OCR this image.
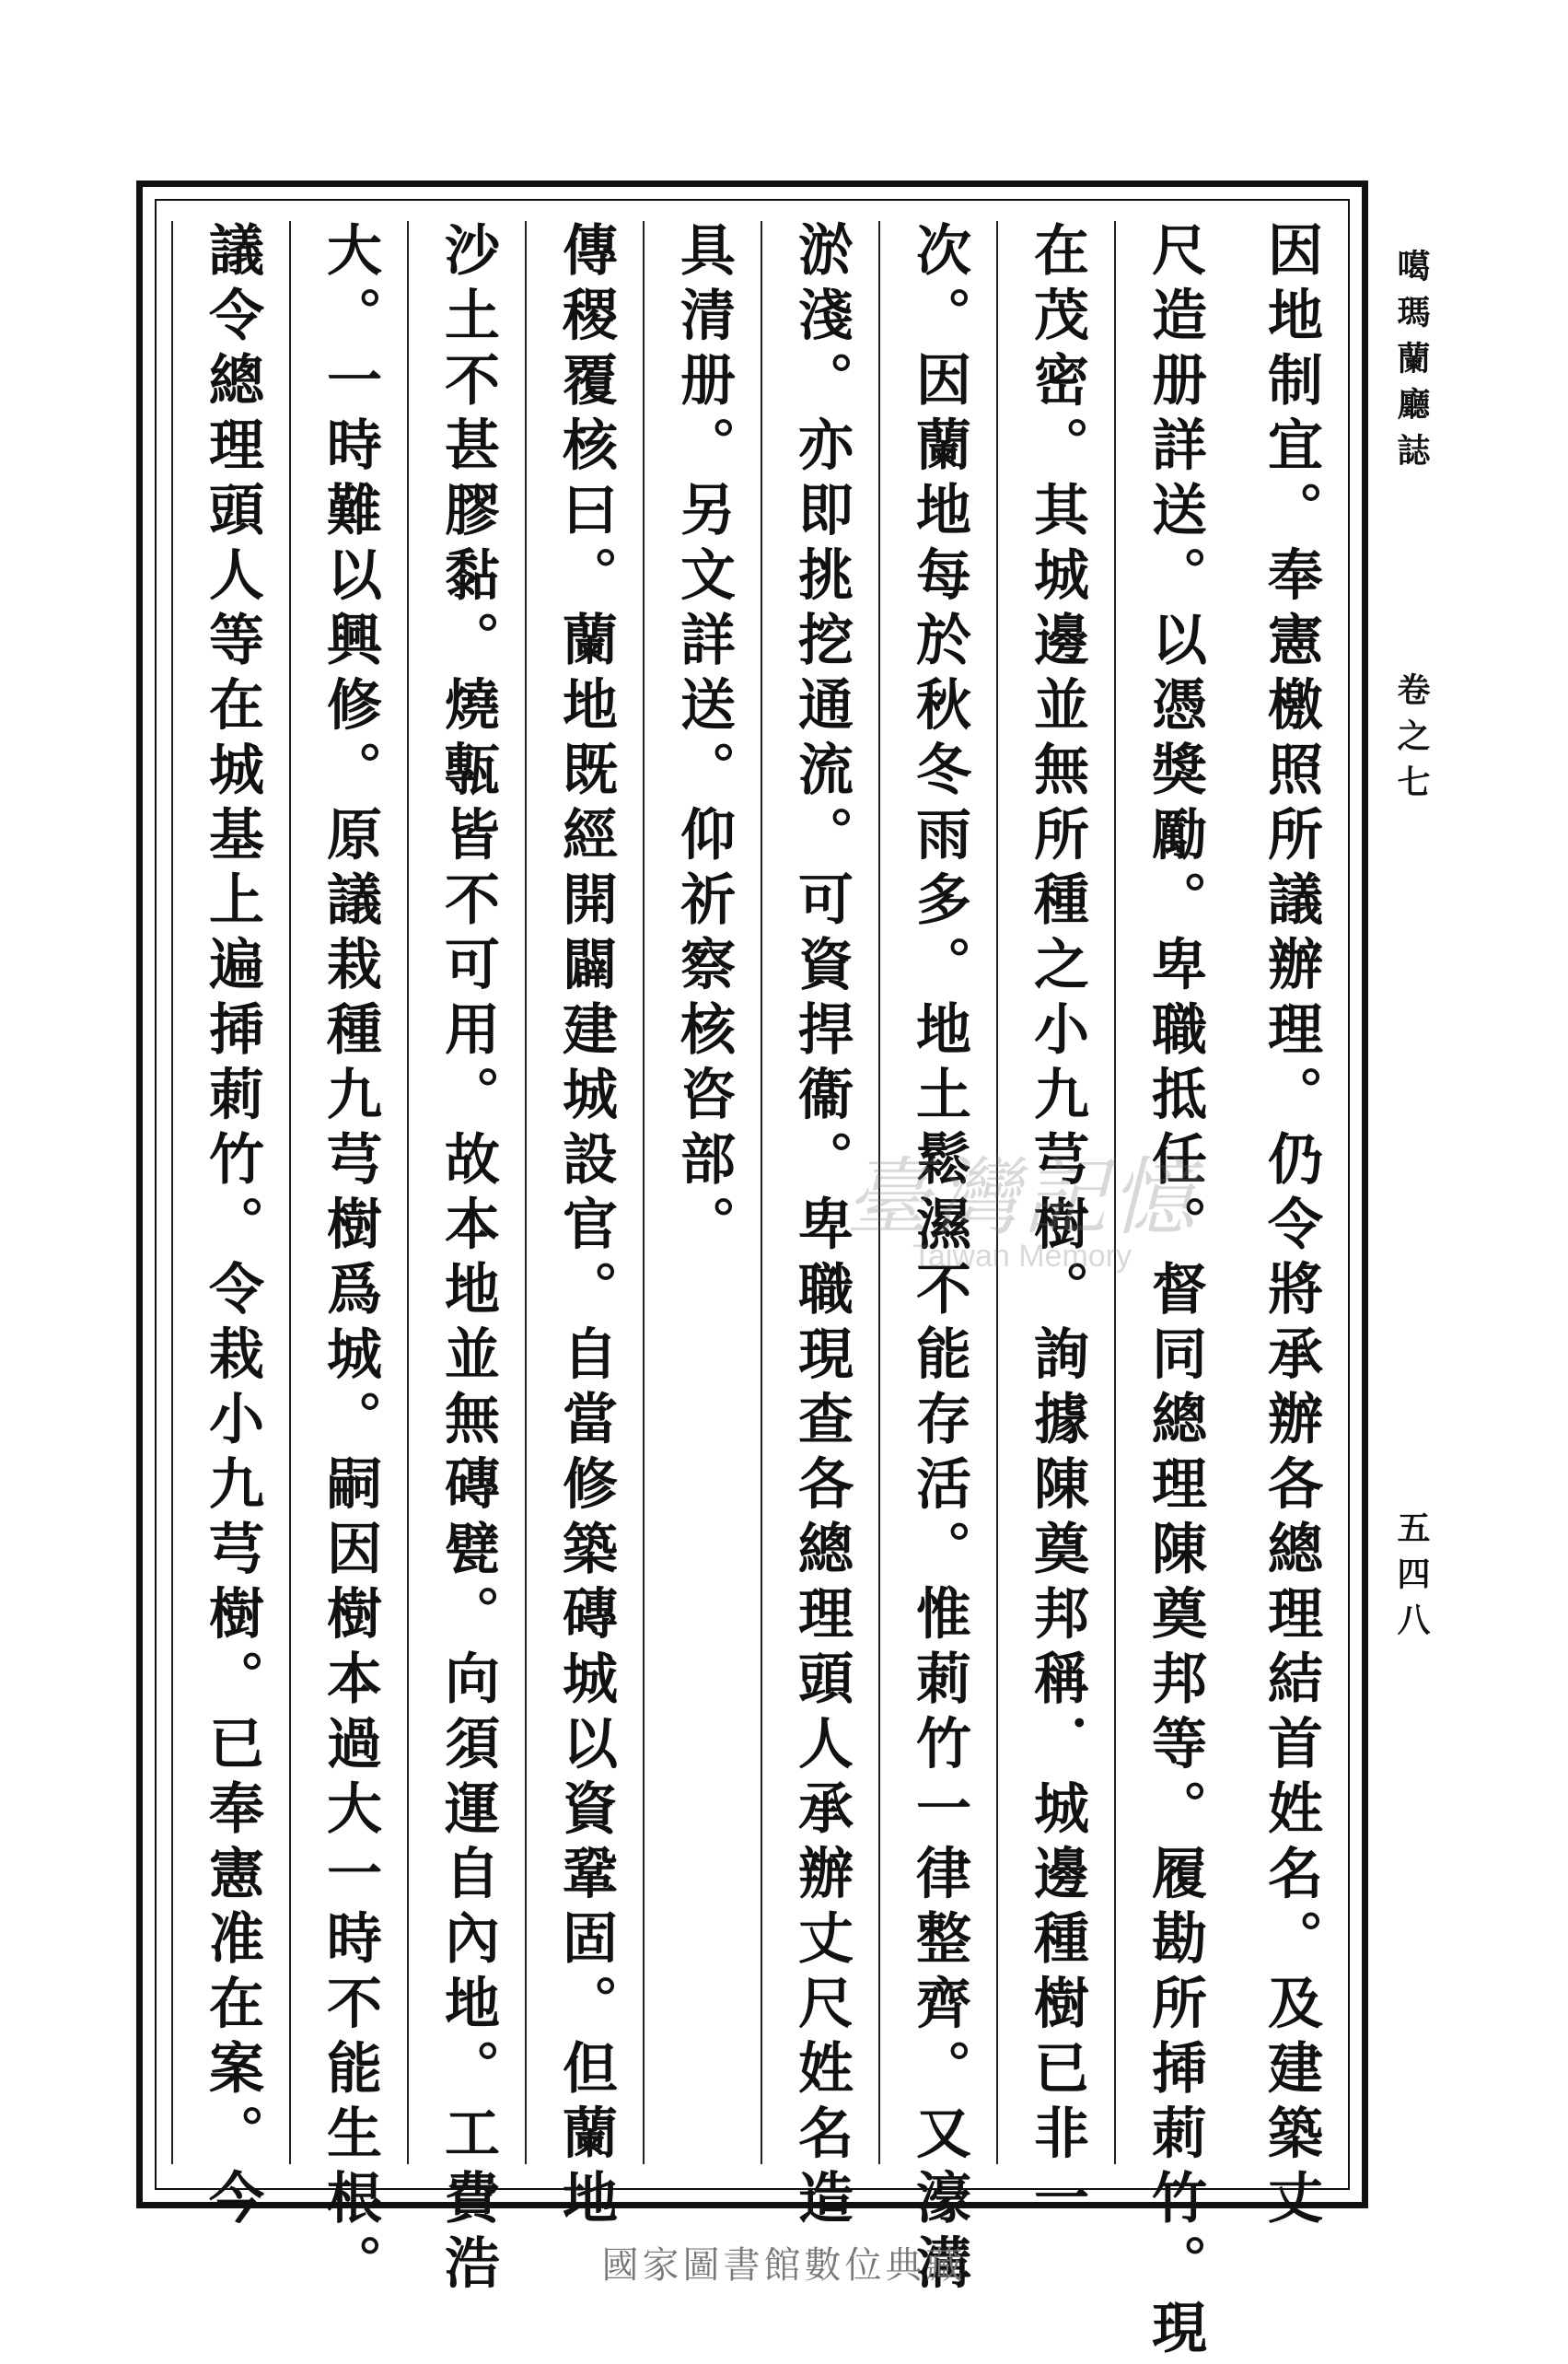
因地制宜。奉憲檄照所議辦理。仍令將承辦各總理結首姓名。及建築丈
尺造册詳送。以憑獎勵。卑職抵任。督同總理陳奠邦等。履勘所揷莿竹。現
在茂密。其城邊並無所種之小九芎樹。詢據陳奠邦稱．城邊種樹已非一
次。因蘭地每於秋冬雨多。地土鬆濕不能存活。惟莿竹一律整齊。又濠溝
淤淺。亦即挑挖通流。可資捍衞。卑職現查各總理頭人承辦丈尺姓名造
具清册。另文詳送。仰祈察核咨部。
傳稷覆核曰。蘭地既經開闢建城設官。自當修築磚城以資鞏固。但蘭地
沙土不甚膠黏。燒甎皆不可用。故本地並無磚甓。向須運自內地。工費浩
大。一時難以興修。原議栽種九芎樹爲城。嗣因樹本過大一時不能生根。
議令總理頭人等在城基上遍揷莿竹。令栽小九芎樹。已奉憲准在案。今	噶瑪蘭廳誌
卷之七
五四八
臺灣記憶
Taiwan Memory
國家圖書館數位典藏
